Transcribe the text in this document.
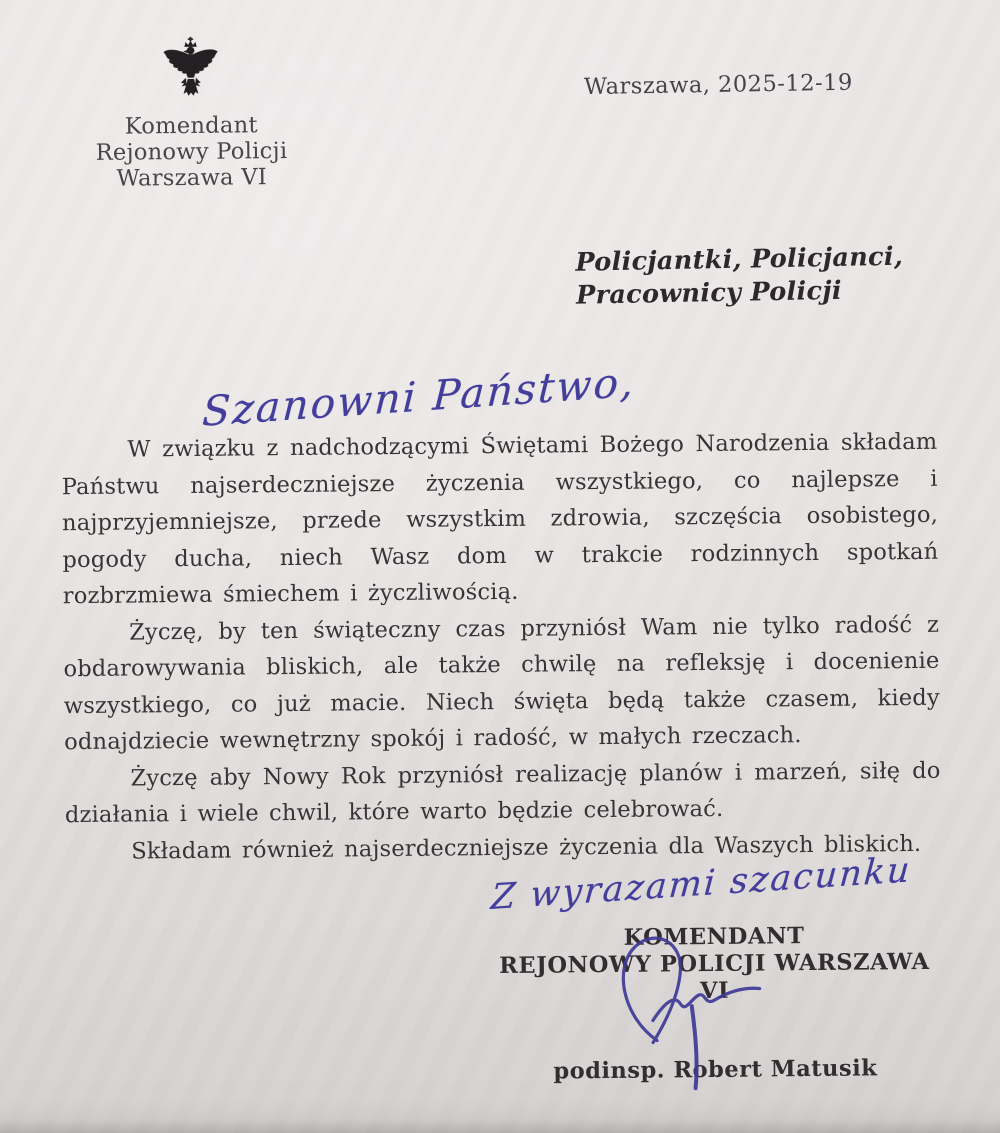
Komendant
Rejonowy Policji
Warszawa VI
Warszawa, 2025-12-19
Policjantki, Policjanci,
Pracownicy Policji
Szanowni Państwo,

W związku z nadchodzącymi Świętami Bożego Narodzenia składam Państwu najserdeczniejsze życzenia wszystkiego, co najlepsze i najprzyjemniejsze, przede wszystkim zdrowia, szczęścia osobistego, pogody ducha, niech Wasz dom w trakcie rodzinnych spotkań rozbrzmiewa śmiechem i życzliwością.

Życzę, by ten świąteczny czas przyniósł Wam nie tylko radość z obdarowywania bliskich, ale także chwilę na refleksję i docenienie wszystkiego, co już macie. Niech święta będą także czasem, kiedy odnajdziecie wewnętrzny spokój i radość, w małych rzeczach.

Życzę aby Nowy Rok przyniósł realizację planów i marzeń, siłę do działania i wiele chwil, które warto będzie celebrować.

Składam również najserdeczniejsze życzenia dla Waszych bliskich.

Z wyrazami szacunku
KOMENDANT
REJONOWY POLICJI WARSZAWA VI
podinsp. Robert Matusik
